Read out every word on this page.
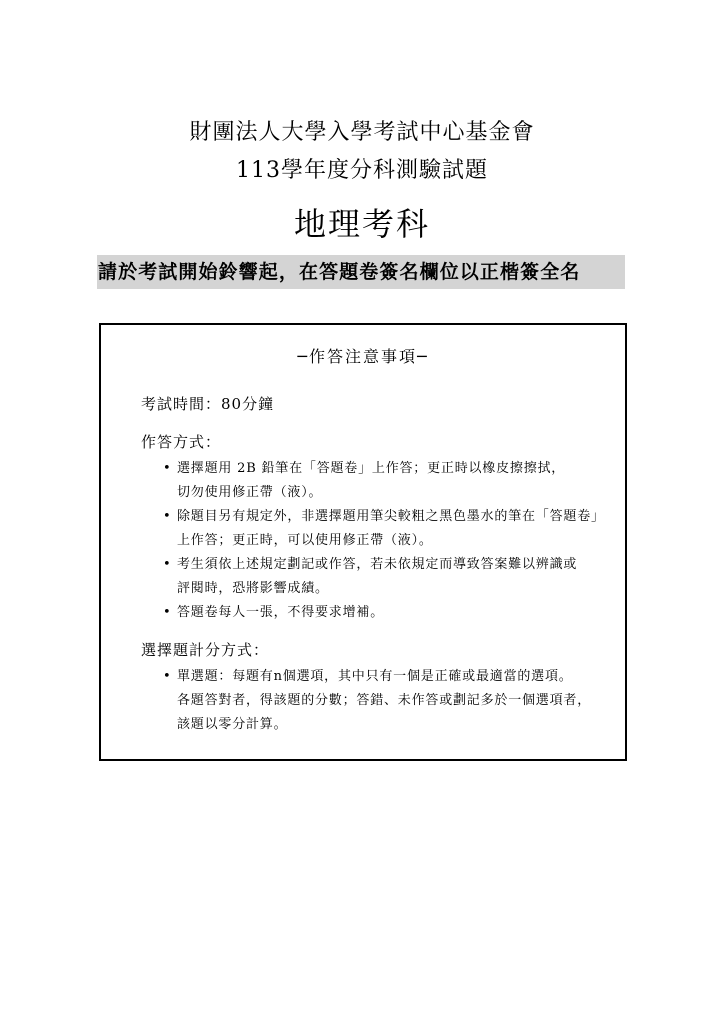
財團法人大學入學考試中心基金會
113學年度分科測驗試題
地理考科
請於考試開始鈴響起，在答題卷簽名欄位以正楷簽全名
─作答注意事項─
考試時間：80分鐘
作答方式：
• 選擇題用 2B 鉛筆在「答題卷」上作答；更正時以橡皮擦擦拭，
切勿使用修正帶（液）。
• 除題目另有規定外，非選擇題用筆尖較粗之黑色墨水的筆在「答題卷」
上作答；更正時，可以使用修正帶（液）。
• 考生須依上述規定劃記或作答，若未依規定而導致答案難以辨識或
評閱時，恐將影響成績。
• 答題卷每人一張，不得要求增補。
選擇題計分方式：
• 單選題：每題有n個選項，其中只有一個是正確或最適當的選項。
各題答對者，得該題的分數；答錯、未作答或劃記多於一個選項者，
該題以零分計算。
